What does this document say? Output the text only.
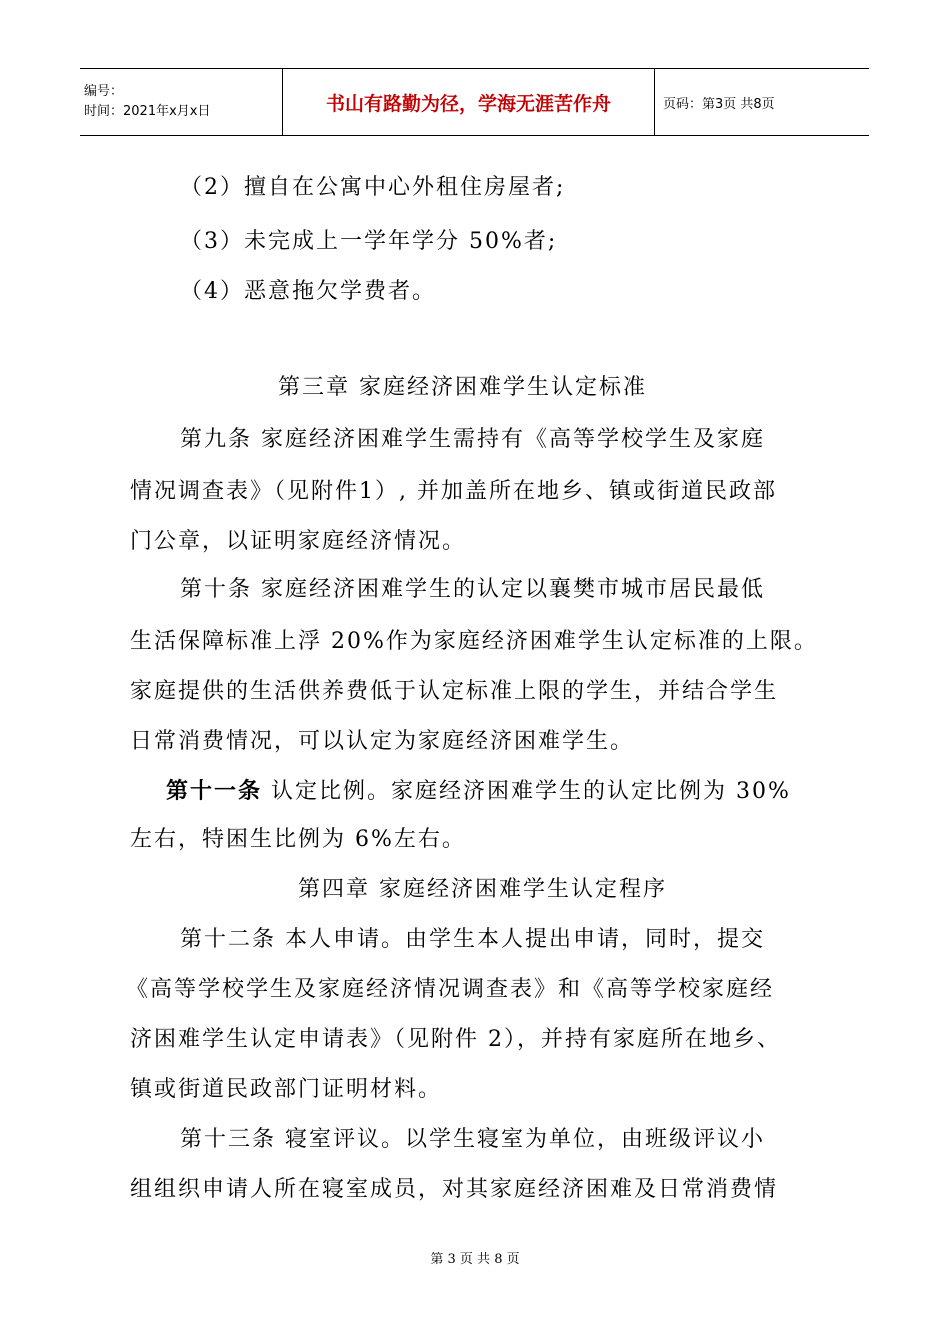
编号：
时间：2021年x月x日	书山有路勤为径，学海无涯苦作舟	页码：第3页 共8页
（2）擅自在公寓中心外租住房屋者;
（3）未完成上一学年学分 50%者;
（4）恶意拖欠学费者。
第三章 家庭经济困难学生认定标准
第九条 家庭经济困难学生需持有《高等学校学生及家庭
情况调查表》（见附件1）, 并加盖所在地乡、镇或街道民政部
门公章，以证明家庭经济情况。
第十条 家庭经济困难学生的认定以襄樊市城市居民最低
生活保障标准上浮 20%作为家庭经济困难学生认定标准的上限。
家庭提供的生活供养费低于认定标准上限的学生，并结合学生
日常消费情况，可以认定为家庭经济困难学生。
第十一条 认定比例。家庭经济困难学生的认定比例为 30%
左右，特困生比例为 6%左右。
第四章 家庭经济困难学生认定程序
第十二条 本人申请。由学生本人提出申请，同时，提交
《高等学校学生及家庭经济情况调查表》和《高等学校家庭经
济困难学生认定申请表》（见附件 2），并持有家庭所在地乡、
镇或街道民政部门证明材料。
第十三条 寝室评议。以学生寝室为单位，由班级评议小
组组织申请人所在寝室成员，对其家庭经济困难及日常消费情
第 3 页 共 8 页
